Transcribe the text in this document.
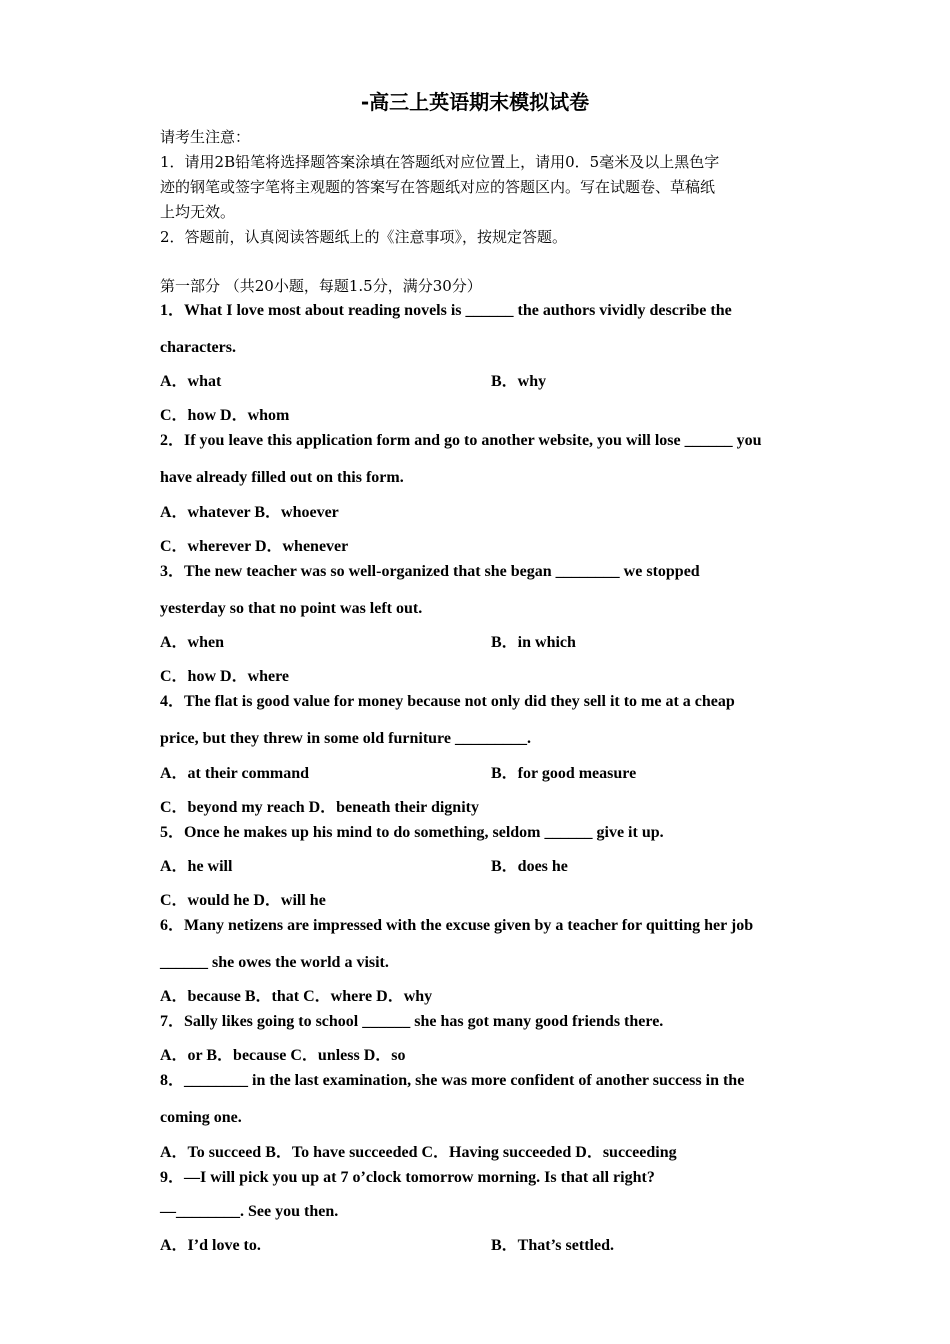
-高三上英语期末模拟试卷
请考生注意：
1．请用2B铅笔将选择题答案涂填在答题纸对应位置上，请用0．5毫米及以上黑色字
迹的钢笔或签字笔将主观题的答案写在答题纸对应的答题区内。写在试题卷、草稿纸
上均无效。
2．答题前，认真阅读答题纸上的《注意事项》，按规定答题。
第一部分 （共20小题，每题1.5分，满分30分）
1．What I love most about reading novels is ______ the authors vividly describe the
characters.
A．what	B．why
C．how D．whom
2．If you leave this application form and go to another website, you will lose ______ you
have already filled out on this form.
A．whatever B．whoever
C．wherever D．whenever
3．The new teacher was so well-organized that she began ________ we stopped
yesterday so that no point was left out.
A．when	B．in which
C．how D．where
4．The flat is good value for money because not only did they sell it to me at a cheap
price, but they threw in some old furniture _________.
A．at their command	B．for good measure
C．beyond my reach D．beneath their dignity
5．Once he makes up his mind to do something, seldom ______ give it up.
A．he will	B．does he
C．would he D．will he
6．Many netizens are impressed with the excuse given by a teacher for quitting her job
______ she owes the world a visit.
A．because B．that C．where D．why
7．Sally likes going to school ______ she has got many good friends there.
A．or B．because C．unless D．so
8．________ in the last examination, she was more confident of another success in the
coming one.
A．To succeed B．To have succeeded C．Having succeeded D．succeeding
9．—I will pick you up at 7 o’clock tomorrow morning. Is that all right?
—________. See you then.
A．I’d love to.	B．That’s settled.
